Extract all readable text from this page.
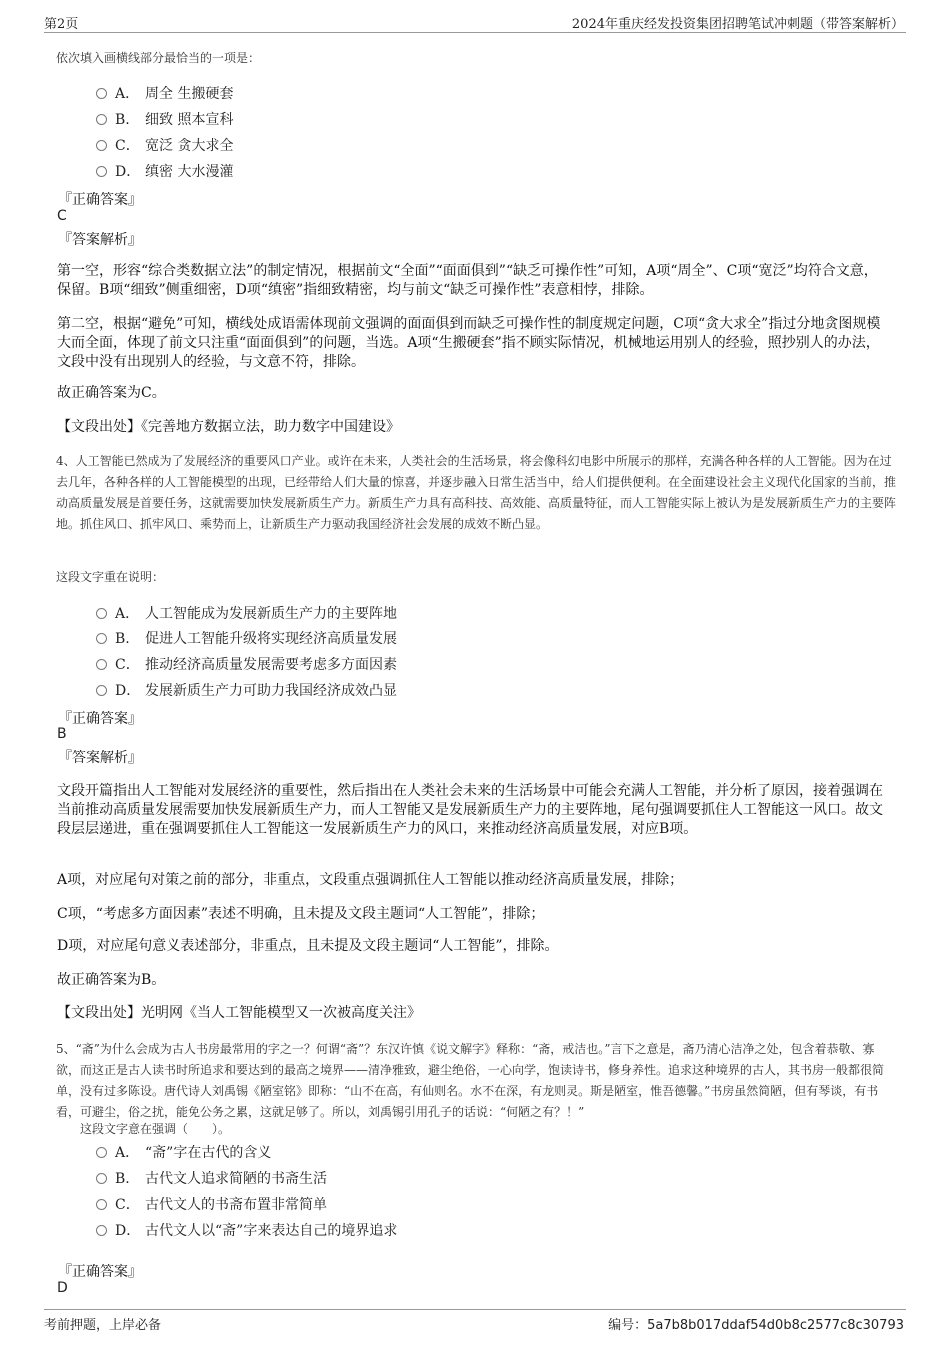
第2页	2024年重庆经发投资集团招聘笔试冲刺题（带答案解析）
依次填入画横线部分最恰当的一项是：
A． 周全 生搬硬套
B. 细致 照本宣科
C． 宽泛 贪大求全
D． 缜密 大水漫灌
『正确答案』
C
『答案解析』
第一空，形容“综合类数据立法”的制定情况，根据前文“全面”“面面俱到”“缺乏可操作性”可知，A项“周全”、C项“宽泛”均符合文意，保留。B项“细致”侧重细密，D项“缜密”指细致精密，均与前文“缺乏可操作性”表意相悖，排除。
第二空，根据“避免”可知，横线处成语需体现前文强调的面面俱到而缺乏可操作性的制度规定问题，C项“贪大求全”指过分地贪图规模大而全面，体现了前文只注重“面面俱到”的问题，当选。A项“生搬硬套”指不顾实际情况，机械地运用别人的经验，照抄别人的办法，文段中没有出现别人的经验，与文意不符，排除。
故正确答案为C。
【文段出处】《完善地方数据立法，助力数字中国建设》
4、人工智能已然成为了发展经济的重要风口产业。或许在未来，人类社会的生活场景，将会像科幻电影中所展示的那样，充满各种各样的人工智能。因为在过去几年，各种各样的人工智能模型的出现，已经带给人们大量的惊喜，并逐步融入日常生活当中，给人们提供便利。在全面建设社会主义现代化国家的当前，推动高质量发展是首要任务，这就需要加快发展新质生产力。新质生产力具有高科技、高效能、高质量特征，而人工智能实际上被认为是发展新质生产力的主要阵地。抓住风口、抓牢风口、乘势而上，让新质生产力驱动我国经济社会发展的成效不断凸显。
这段文字重在说明：
A． 人工智能成为发展新质生产力的主要阵地
B. 促进人工智能升级将实现经济高质量发展
C． 推动经济高质量发展需要考虑多方面因素
D． 发展新质生产力可助力我国经济成效凸显
『正确答案』
B
『答案解析』
文段开篇指出人工智能对发展经济的重要性，然后指出在人类社会未来的生活场景中可能会充满人工智能，并分析了原因，接着强调在当前推动高质量发展需要加快发展新质生产力，而人工智能又是发展新质生产力的主要阵地，尾句强调要抓住人工智能这一风口。故文段层层递进，重在强调要抓住人工智能这一发展新质生产力的风口，来推动经济高质量发展，对应B项。
A项，对应尾句对策之前的部分，非重点，文段重点强调抓住人工智能以推动经济高质量发展，排除；
C项，“考虑多方面因素”表述不明确，且未提及文段主题词“人工智能”，排除；
D项，对应尾句意义表述部分，非重点，且未提及文段主题词“人工智能”，排除。
故正确答案为B。
【文段出处】光明网《当人工智能模型又一次被高度关注》
5、“斋”为什么会成为古人书房最常用的字之一？何谓“斋”？东汉许慎《说文解字》释称：“斋，戒洁也。”言下之意是，斋乃清心洁净之处，包含着恭敬、寡欲，而这正是古人读书时所追求和要达到的最高之境界——清净雅致，避尘绝俗，一心向学，饱读诗书，修身养性。追求这种境界的古人，其书房一般都很简单，没有过多陈设。唐代诗人刘禹锡《陋室铭》即称：“山不在高，有仙则名。水不在深，有龙则灵。斯是陋室，惟吾德馨。”书房虽然简陋，但有琴谈，有书看，可避尘，俗之扰，能免公务之累，这就足够了。所以，刘禹锡引用孔子的话说：“何陋之有？！”
这段文字意在强调（　　）。
A． “斋”字在古代的含义
B. 古代文人追求简陋的书斋生活
C． 古代文人的书斋布置非常简单
D． 古代文人以“斋”字来表达自己的境界追求
『正确答案』
D
考前押题，上岸必备	编号：5a7b8b017ddaf54d0b8c2577c8c30793
